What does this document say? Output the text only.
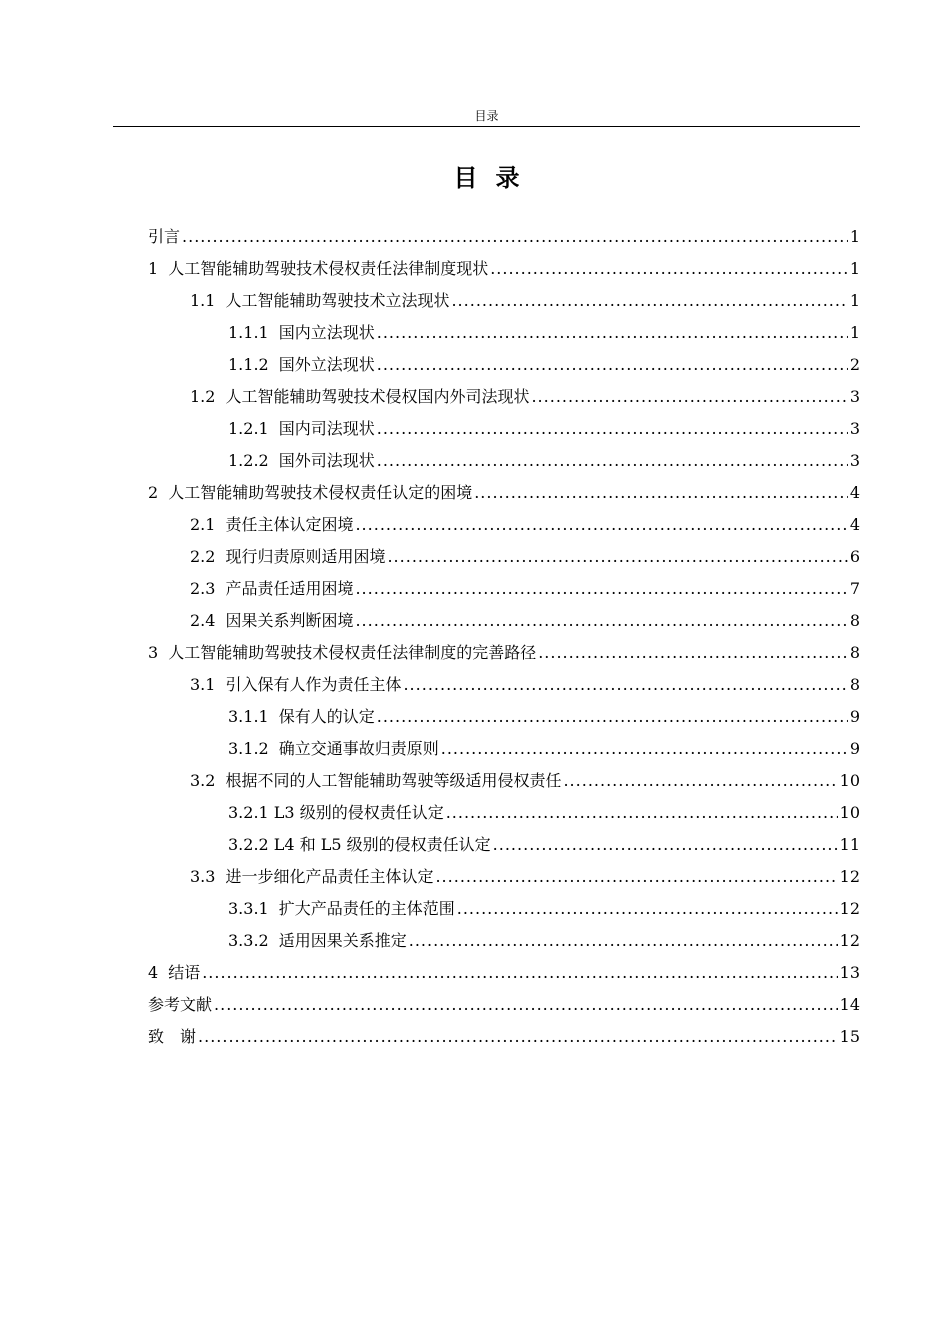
目录
目录
引言 .....	1
1 人工智能辅助驾驶技术侵权责任法律制度现状 .....	1
1.1 人工智能辅助驾驶技术立法现状 .....	1
1.1.1 国内立法现状 .....	1
1.1.2 国外立法现状 .....	2
1.2 人工智能辅助驾驶技术侵权国内外司法现状 .....	3
1.2.1 国内司法现状 .....	3
1.2.2 国外司法现状 .....	3
2 人工智能辅助驾驶技术侵权责任认定的困境 .....	4
2.1 责任主体认定困境 .....	4
2.2 现行归责原则适用困境 .....	6
2.3 产品责任适用困境 .....	7
2.4 因果关系判断困境 .....	8
3 人工智能辅助驾驶技术侵权责任法律制度的完善路径 .....	8
3.1 引入保有人作为责任主体 .....	8
3.1.1 保有人的认定 .....	9
3.1.2 确立交通事故归责原则 .....	9
3.2 根据不同的人工智能辅助驾驶等级适用侵权责任 .....	10
3.2.1 L3 级别的侵权责任认定 .....	10
3.2.2 L4 和 L5 级别的侵权责任认定 .....	11
3.3 进一步细化产品责任主体认定 .....	12
3.3.1 扩大产品责任的主体范围 .....	12
3.3.2 适用因果关系推定 .....	12
4 结语 .....	13
参考文献 .....	14
致　谢 .....	15
